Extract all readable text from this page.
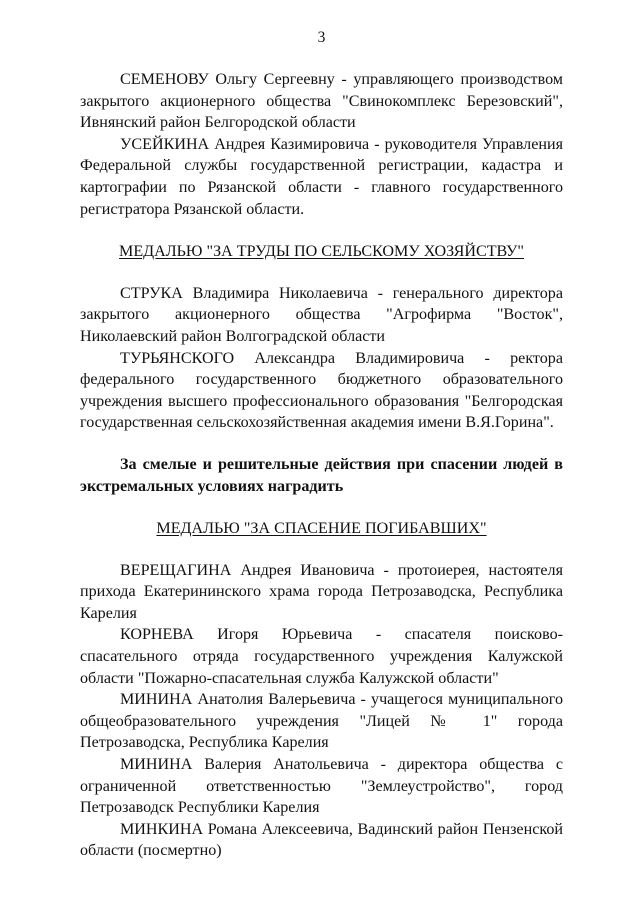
3

СЕМЕНОВУ Ольгу Сергеевну - управляющего производством закрытого акционерного общества "Свинокомплекс Березовский", Ивнянский район Белгородской области

УСЕЙКИНА Андрея Казимировича - руководителя Управления Федеральной службы государственной регистрации, кадастра и картографии по Рязанской области - главного государственного регистратора Рязанской области.

МЕДАЛЬЮ "ЗА ТРУДЫ ПО СЕЛЬСКОМУ ХОЗЯЙСТВУ"

СТРУКА Владимира Николаевича - генерального директора закрытого акционерного общества "Агрофирма "Восток", Николаевский район Волгоградской области

ТУРЬЯНСКОГО Александра Владимировича - ректора федерального государственного бюджетного образовательного учреждения высшего профессионального образования "Белгородская государственная сельскохозяйственная академия имени В.Я.Горина".

За смелые и решительные действия при спасении людей в экстремальных условиях наградить

МЕДАЛЬЮ "ЗА СПАСЕНИЕ ПОГИБАВШИХ"

ВЕРЕЩАГИНА Андрея Ивановича - протоиерея, настоятеля прихода Екатерининского храма города Петрозаводска, Республика Карелия

КОРНЕВА Игоря Юрьевича - спасателя поисково-спасательного отряда государственного учреждения Калужской области "Пожарно-спасательная служба Калужской области"

МИНИНА Анатолия Валерьевича - учащегося муниципального общеобразовательного учреждения "Лицей № 1" города Петрозаводска, Республика Карелия

МИНИНА Валерия Анатольевича - директора общества с ограниченной ответственностью "Землеустройство", город Петрозаводск Республики Карелия

МИНКИНА Романа Алексеевича, Вадинский район Пензенской области (посмертно)
